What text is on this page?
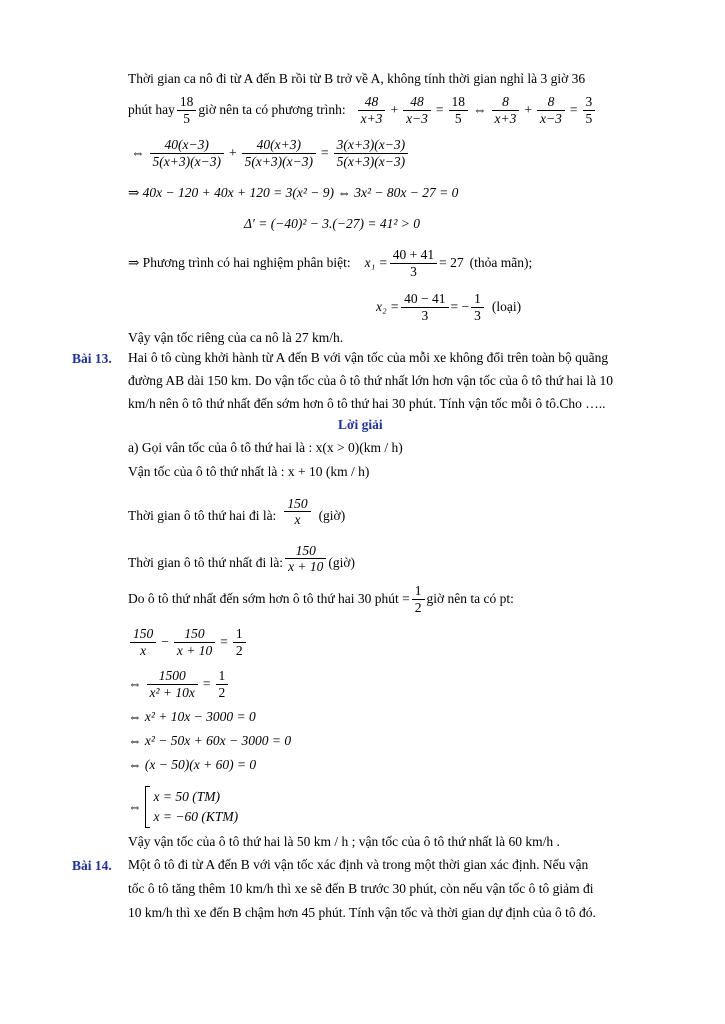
Thời gian ca nô đi từ A đến B rồi từ B trở về A, không tính thời gian nghỉ là 3 giờ 36
phút hay $\frac{18}{5}$ giờ nên ta có phương trình: $\frac{48}{x+3} + \frac{48}{x-3} = \frac{18}{5}$ ⇔ $\frac{8}{x+3} + \frac{8}{x-3} = \frac{3}{5}$
⇔ $\frac{40(x-3)}{5(x+3)(x-3)} + \frac{40(x+3)}{5(x+3)(x-3)} = \frac{3(x+3)(x-3)}{5(x+3)(x-3)}$
⇒ 40x − 120 + 40x + 120 = 3(x² − 9) ⇔ 3x² − 80x − 27 = 0
Δ′ = (−40)² − 3.(−27) = 41² > 0
⇒ Phương trình có hai nghiệm phân biệt: $x_1 = \frac{40 + 41}{3} = 27$ (thỏa mãn);
$x_2 = \frac{40 - 41}{3}$ = − $\frac{1}{3}$ (loại)
Vậy vận tốc riêng của ca nô là 27 km/h.
Bài 13. Hai ô tô cùng khởi hành từ A đến B với vận tốc của mỗi xe không đổi trên toàn bộ quãng
đường AB dài 150 km. Do vận tốc của ô tô thứ nhất lớn hơn vận tốc của ô tô thứ hai là 10
km/h nên ô tô thứ nhất đến sớm hơn ô tô thứ hai 30 phút. Tính vận tốc mỗi ô tô.Cho …..
Lời giải
a) Gọi vân tốc của ô tô thứ hai là : x(x > 0)(km / h)
Vận tốc của ô tô thứ nhất là : x + 10 (km / h)
Thời gian ô tô thứ hai đi là: $\frac{150}{x}$ (giờ)
Thời gian ô tô thứ nhất đi là: $\frac{150}{x + 10}$ (giờ)
Do ô tô thứ nhất đến sớm hơn ô tô thứ hai 30 phút = $\frac{1}{2}$ giờ nên ta có pt:
$\frac{150}{x} - \frac{150}{x + 10} = \frac{1}{2}$
⇔ $\frac{1500}{\text{x² + 10x}} = \frac{1}{2}$
⇔ x² + 10x − 3000 = 0
⇔ x² − 50x + 60x − 3000 = 0
⇔ (x − 50)(x + 60) = 0
⇔
x = 50 (TM)
x = −60 (KTM)
Vậy vận tốc của ô tô thứ hai là 50 km / h ; vận tốc của ô tô thứ nhất là 60 km/h .
Bài 14. Một ô tô đi từ A đến B với vận tốc xác định và trong một thời gian xác định. Nếu vận
tốc ô tô tăng thêm 10 km/h thì xe sẽ đến B trước 30 phút, còn nếu vận tốc ô tô giảm đi
10 km/h thì xe đến B chậm hơn 45 phút. Tính vận tốc và thời gian dự định của ô tô đó.
